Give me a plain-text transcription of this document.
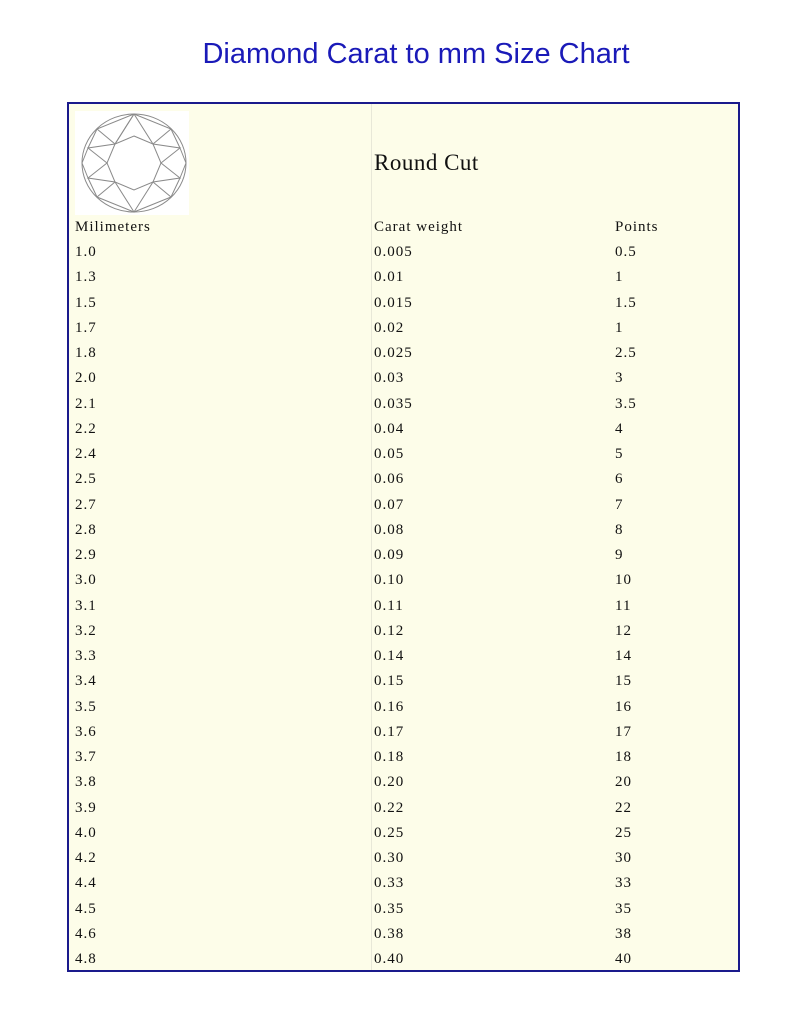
Diamond Carat to mm Size Chart
Round Cut
Milimeters	Carat weight	Points
1.0	0.005	0.5
1.3	0.01	1
1.5	0.015	1.5
1.7	0.02	1
1.8	0.025	2.5
2.0	0.03	3
2.1	0.035	3.5
2.2	0.04	4
2.4	0.05	5
2.5	0.06	6
2.7	0.07	7
2.8	0.08	8
2.9	0.09	9
3.0	0.10	10
3.1	0.11	11
3.2	0.12	12
3.3	0.14	14
3.4	0.15	15
3.5	0.16	16
3.6	0.17	17
3.7	0.18	18
3.8	0.20	20
3.9	0.22	22
4.0	0.25	25
4.2	0.30	30
4.4	0.33	33
4.5	0.35	35
4.6	0.38	38
4.8	0.40	40
